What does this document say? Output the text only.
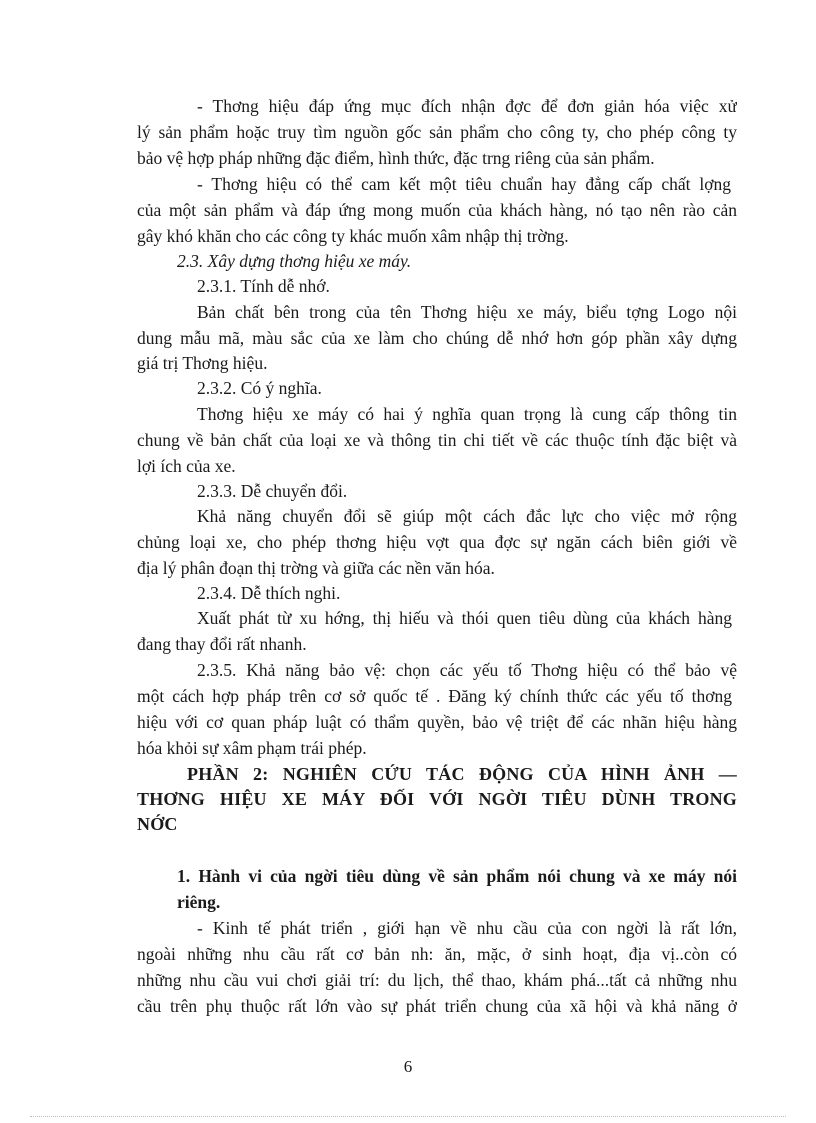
- Thơng hiệu đáp ứng mục đích nhận đợc để đơn giản hóa việc xử

lý sản phẩm hoặc truy tìm nguồn gốc sản phẩm cho công ty, cho phép công ty

bảo vệ hợp pháp những đặc điểm, hình thức, đặc trng riêng của sản phẩm.

- Thơng hiệu có thể cam kết một tiêu chuẩn hay đẳng cấp chất lợng

của một sản phẩm và đáp ứng mong muốn của khách hàng, nó tạo nên rào cản

gây khó khăn cho các công ty khác muốn xâm nhập thị trờng.

2.3. Xây dựng thơng hiệu xe máy.

2.3.1. Tính dễ nhớ.

Bản chất bên trong của tên Thơng hiệu xe máy, biểu tợng Logo nội

dung mẫu mã, màu sắc của xe làm cho chúng dễ nhớ hơn góp phần xây dựng

giá trị Thơng hiệu.

2.3.2. Có ý nghĩa.

Thơng hiệu xe máy có hai ý nghĩa quan trọng là cung cấp thông tin

chung về bản chất của loại xe và thông tin chi tiết về các thuộc tính đặc biệt và

lợi ích của xe.

2.3.3. Dễ chuyển đổi.

Khả năng chuyển đổi sẽ giúp một cách đắc lực cho việc mở rộng

chủng loại xe, cho phép thơng hiệu vợt qua đợc sự ngăn cách biên giới về

địa lý phân đoạn thị trờng và giữa các nền văn hóa.

2.3.4. Dễ thích nghi.

Xuất phát từ xu hớng, thị hiếu và thói quen tiêu dùng của khách hàng

đang thay đổi rất nhanh.

2.3.5. Khả năng bảo vệ: chọn các yếu tố Thơng hiệu có thể bảo vệ

một cách hợp pháp trên cơ sở quốc tế . Đăng ký chính thức các yếu tố thơng

hiệu với cơ quan pháp luật có thẩm quyền, bảo vệ triệt để các nhãn hiệu hàng

hóa khỏi sự xâm phạm trái phép.

PHẦN 2: NGHIÊN CỨU TÁC ĐỘNG CỦA HÌNH ẢNH —
THƠNG HIỆU XE MÁY ĐỐI VỚI NGỜI TIÊU DÙNH TRONG
NỚC
1. Hành vi của ngời tiêu dùng về sản phẩm nói chung và xe máy nói
riêng.

- Kinh tế phát triển , giới hạn về nhu cầu của con ngời là rất lớn,

ngoài những nhu cầu rất cơ bản nh: ăn, mặc, ở sinh hoạt, địa vị..còn có

những nhu cầu vui chơi giải trí: du lịch, thể thao, khám phá...tất cả những nhu

cầu trên phụ thuộc rất lớn vào sự phát triển chung của xã hội và khả năng ở

6
